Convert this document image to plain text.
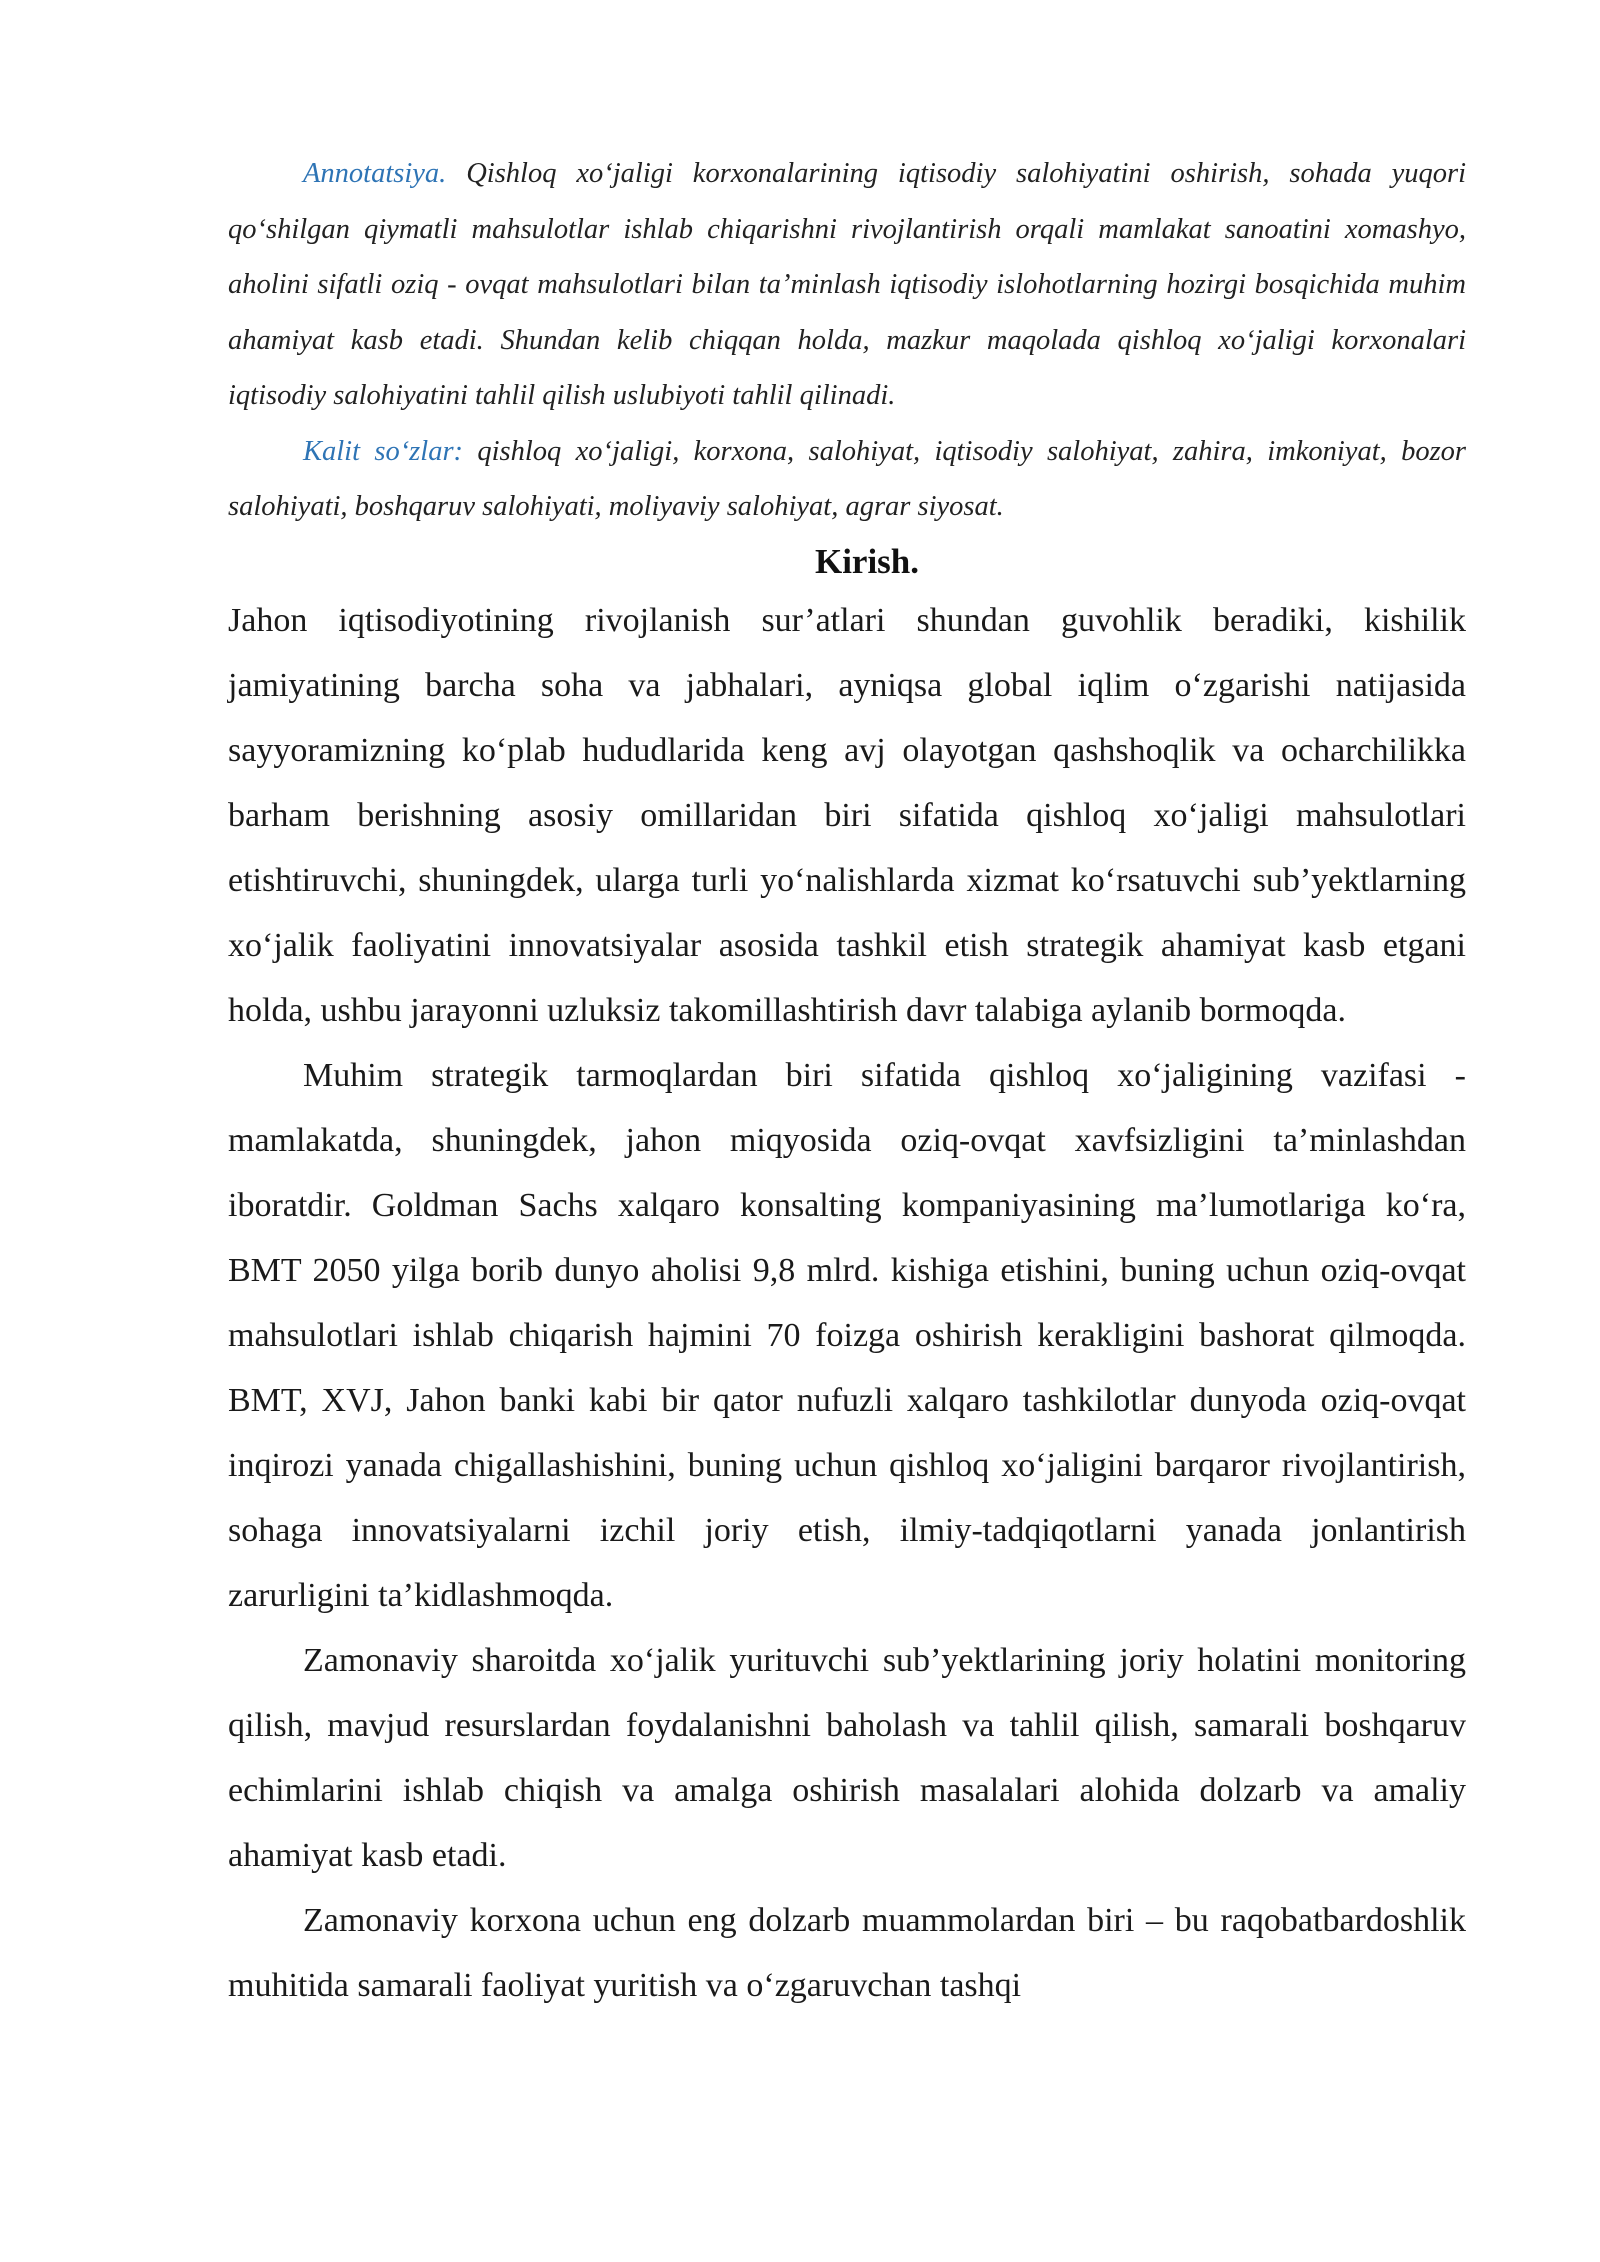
Annotatsiya. Qishloq xo‘jaligi korxonalarining iqtisodiy salohiyatini oshirish, sohada yuqori qo‘shilgan qiymatli mahsulotlar ishlab chiqarishni rivojlantirish orqali mamlakat sanoatini xomashyo, aholini sifatli oziq - ovqat mahsulotlari bilan ta’minlash iqtisodiy islohotlarning hozirgi bosqichida muhim ahamiyat kasb etadi. Shundan kelib chiqqan holda, mazkur maqolada qishloq xo‘jaligi korxonalari iqtisodiy salohiyatini tahlil qilish uslubiyoti tahlil qilinadi.

Kalit so‘zlar: qishloq xo‘jaligi, korxona, salohiyat, iqtisodiy salohiyat, zahira, imkoniyat, bozor salohiyati, boshqaruv salohiyati, moliyaviy salohiyat, agrar siyosat.

Kirish.

Jahon iqtisodiyotining rivojlanish sur’atlari shundan guvohlik beradiki, kishilik jamiyatining barcha soha va jabhalari, ayniqsa global iqlim o‘zgarishi natijasida sayyoramizning ko‘plab hududlarida keng avj olayotgan qashshoqlik va ocharchilikka barham berishning asosiy omillaridan biri sifatida qishloq xo‘jaligi mahsulotlari etishtiruvchi, shuningdek, ularga turli yo‘nalishlarda xizmat ko‘rsatuvchi sub’yektlarning xo‘jalik faoliyatini innovatsiyalar asosida tashkil etish strategik ahamiyat kasb etgani holda, ushbu jarayonni uzluksiz takomillashtirish davr talabiga aylanib bormoqda.

Muhim strategik tarmoqlardan biri sifatida qishloq xo‘jaligining vazifasi - mamlakatda, shuningdek, jahon miqyosida oziq-ovqat xavfsizligini ta’minlashdan iboratdir. Goldman Sachs xalqaro konsalting kompaniyasining ma’lumotlariga ko‘ra, BMT 2050 yilga borib dunyo aholisi 9,8 mlrd. kishiga etishini, buning uchun oziq-ovqat mahsulotlari ishlab chiqarish hajmini 70 foizga oshirish kerakligini bashorat qilmoqda. BMT, XVJ, Jahon banki kabi bir qator nufuzli xalqaro tashkilotlar dunyoda oziq-ovqat inqirozi yanada chigallashishini, buning uchun qishloq xo‘jaligini barqaror rivojlantirish, sohaga innovatsiyalarni izchil joriy etish, ilmiy-tadqiqotlarni yanada jonlantirish zarurligini ta’kidlashmoqda.

Zamonaviy sharoitda xo‘jalik yurituvchi sub’yektlarining joriy holatini monitoring qilish, mavjud resurslardan foydalanishni baholash va tahlil qilish, samarali boshqaruv echimlarini ishlab chiqish va amalga oshirish masalalari alohida dolzarb va amaliy ahamiyat kasb etadi.

Zamonaviy korxona uchun eng dolzarb muammolardan biri – bu raqobatbardoshlik muhitida samarali faoliyat yuritish va o‘zgaruvchan tashqi
